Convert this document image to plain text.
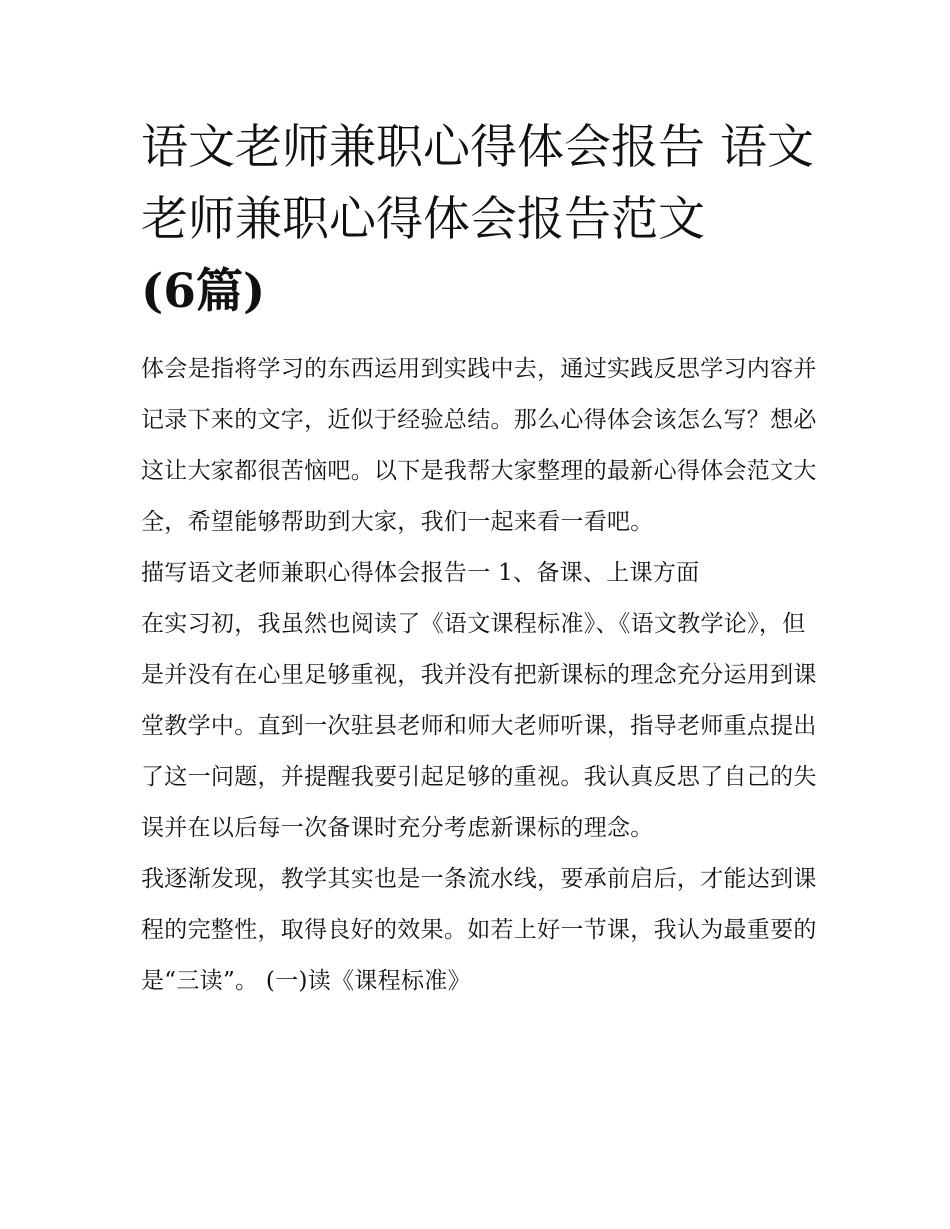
语文老师兼职心得体会报告 语文老师兼职心得体会报告范文
(6篇)

体会是指将学习的东西运用到实践中去，通过实践反思学习内容并记录下来的文字，近似于经验总结。那么心得体会该怎么写？想必这让大家都很苦恼吧。以下是我帮大家整理的最新心得体会范文大全，希望能够帮助到大家，我们一起来看一看吧。

描写语文老师兼职心得体会报告一 1、备课、上课方面

在实习初，我虽然也阅读了《语文课程标准》、《语文教学论》，但是并没有在心里足够重视，我并没有把新课标的理念充分运用到课堂教学中。直到一次驻县老师和师大老师听课，指导老师重点提出了这一问题，并提醒我要引起足够的重视。我认真反思了自己的失误并在以后每一次备课时充分考虑新课标的理念。

我逐渐发现，教学其实也是一条流水线，要承前启后，才能达到课程的完整性，取得良好的效果。如若上好一节课，我认为最重要的是“三读”。 (一)读《课程标准》
